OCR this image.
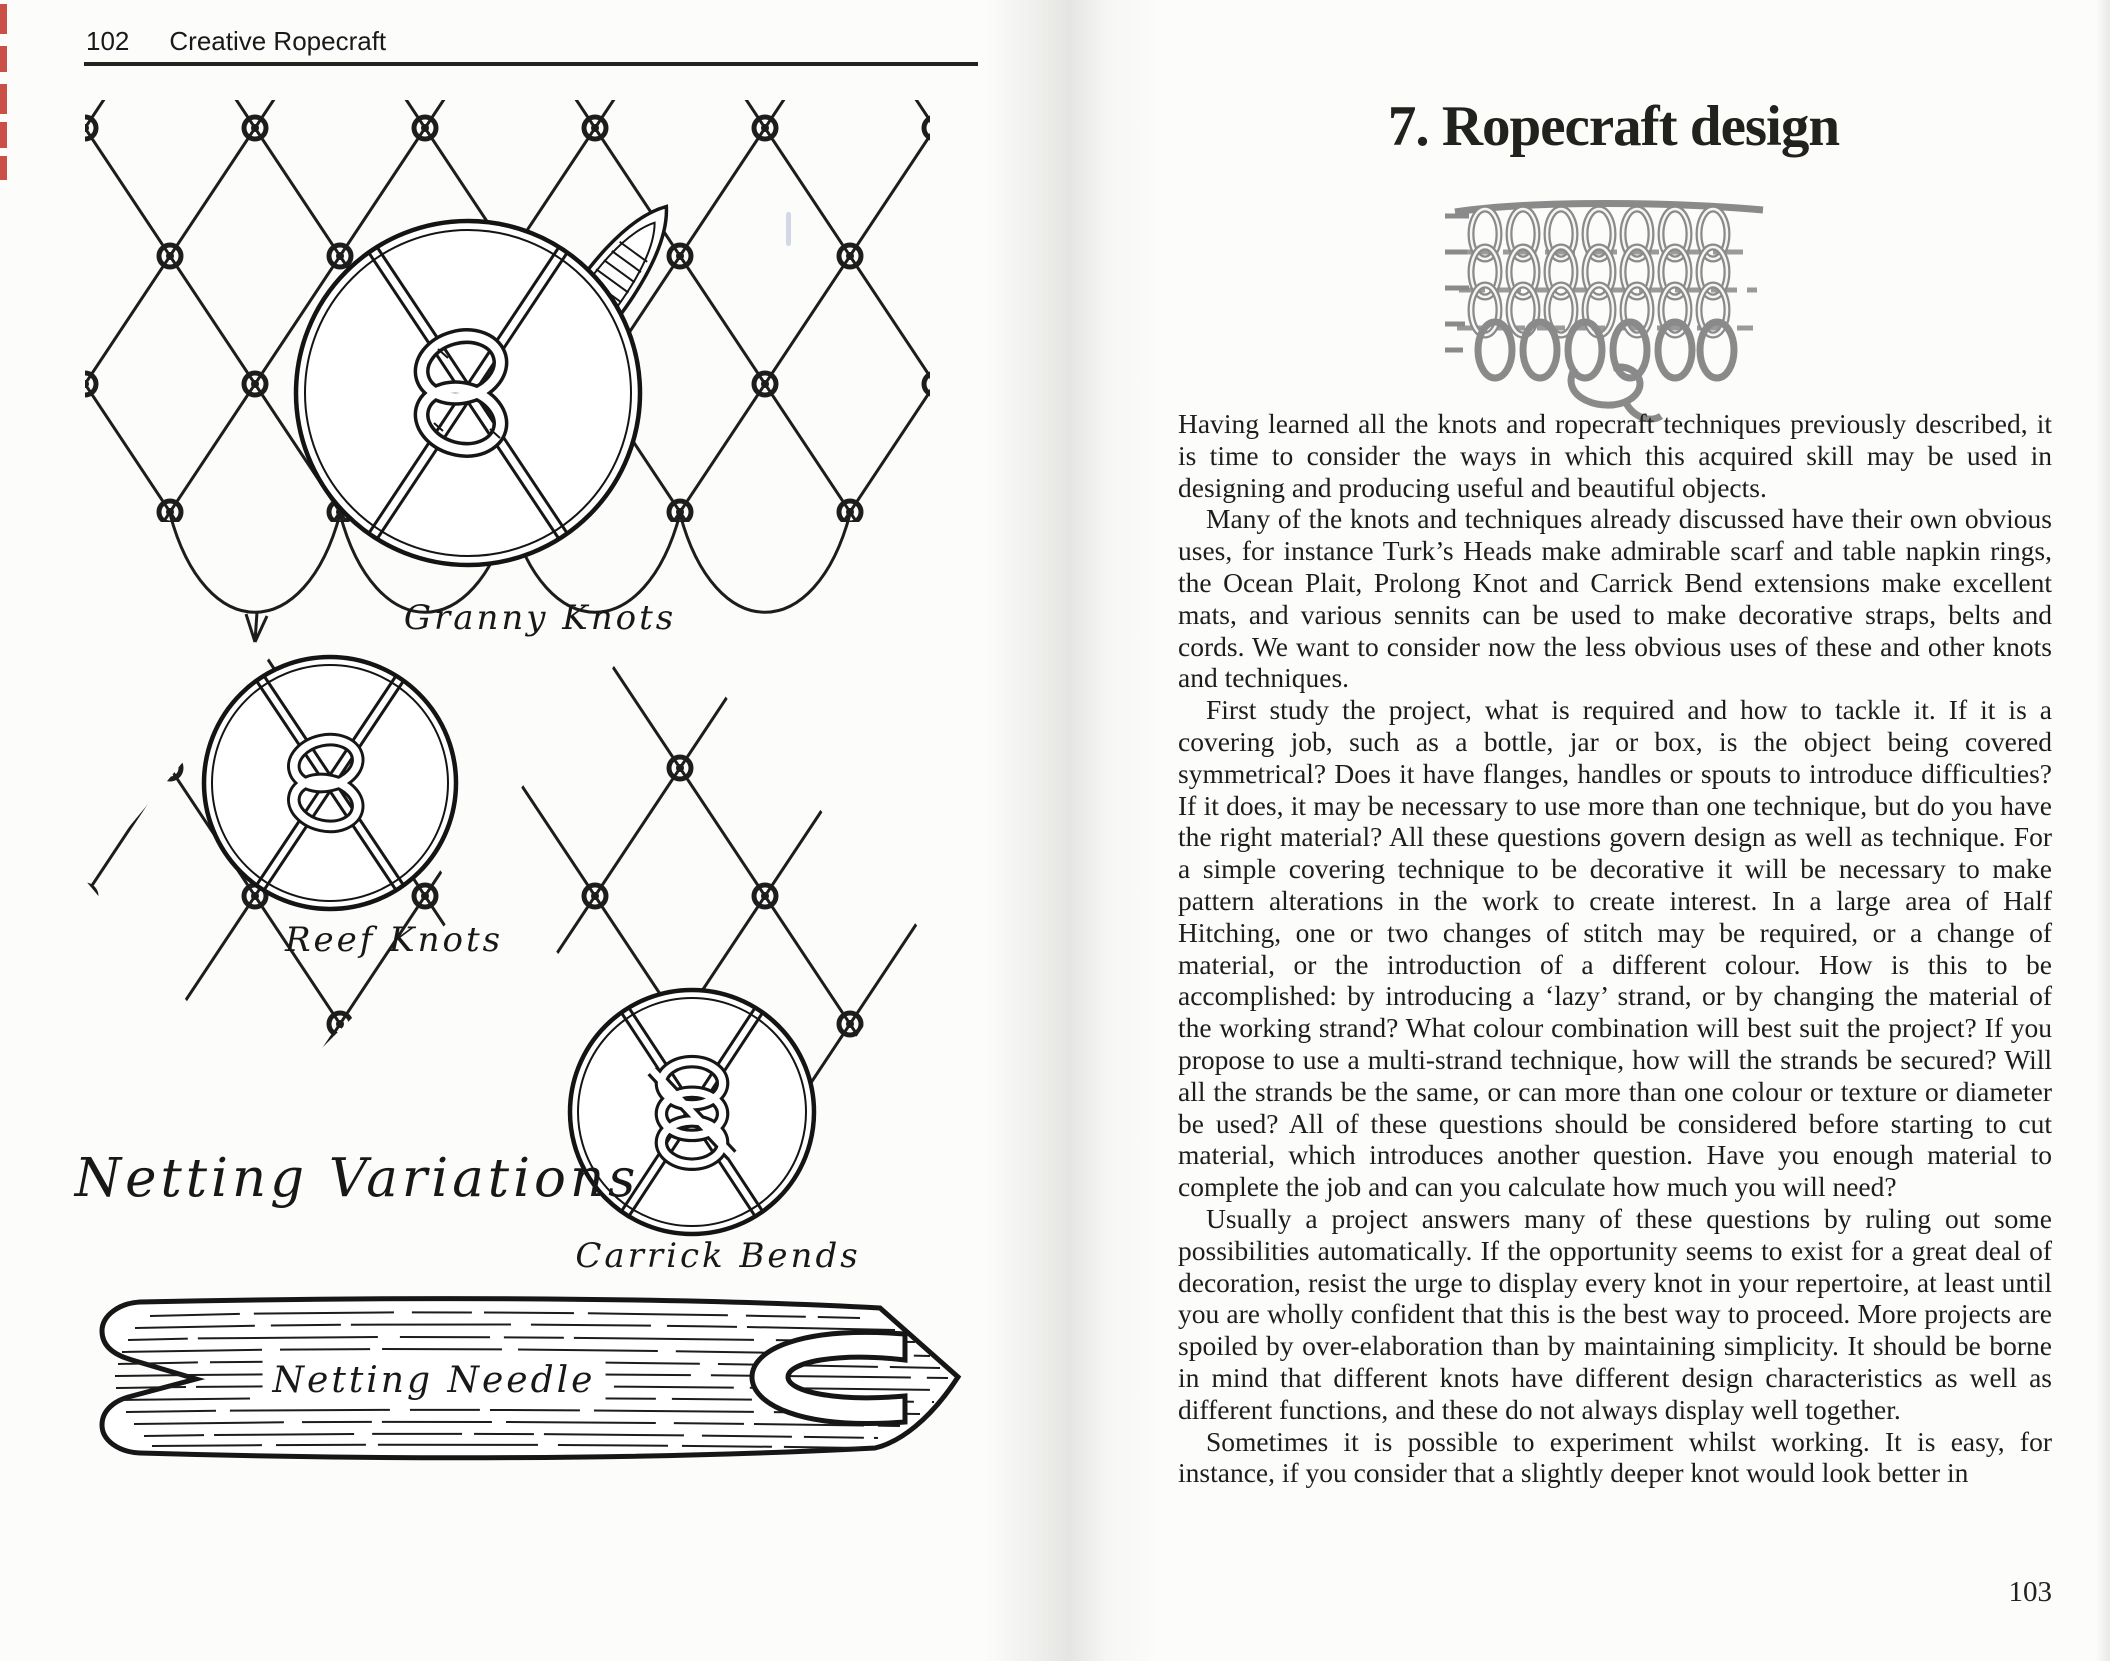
102 Creative Ropecraft
Granny Knots
Reef Knots
Carrick Bends
Netting Variations
Netting Needle
7. Ropecraft design

Having learned all the knots and ropecraft techniques previously described, it is time to consider the ways in which this acquired skill may be used in designing and producing useful and beautiful objects.

Many of the knots and techniques already discussed have their own obvious uses, for instance Turk’s Heads make admirable scarf and table napkin rings, the Ocean Plait, Prolong Knot and Carrick Bend extensions make excellent mats, and various sennits can be used to make decorative straps, belts and cords. We want to consider now the less obvious uses of these and other knots and techniques.

First study the project, what is required and how to tackle it. If it is a covering job, such as a bottle, jar or box, is the object being covered symmetrical? Does it have flanges, handles or spouts to introduce difficulties? If it does, it may be necessary to use more than one technique, but do you have the right material? All these questions govern design as well as technique. For a simple covering technique to be decorative it will be necessary to make pattern alterations in the work to create interest. In a large area of Half Hitching, one or two changes of stitch may be required, or a change of material, or the introduction of a different colour. How is this to be accomplished: by introducing a ‘lazy’ strand, or by changing the material of the working strand? What colour combination will best suit the project? If you propose to use a multi-strand technique, how will the strands be secured? Will all the strands be the same, or can more than one colour or texture or diameter be used? All of these questions should be considered before starting to cut material, which introduces another question. Have you enough material to complete the job and can you calculate how much you will need?

Usually a project answers many of these questions by ruling out some possibilities automatically. If the opportunity seems to exist for a great deal of decoration, resist the urge to display every knot in your repertoire, at least until you are wholly confident that this is the best way to proceed. More projects are spoiled by over-elaboration than by maintaining simplicity. It should be borne in mind that different knots have different design characteristics as well as different functions, and these do not always display well together.

Sometimes it is possible to experiment whilst working. It is easy, for instance, if you consider that a slightly deeper knot would look better in

103
